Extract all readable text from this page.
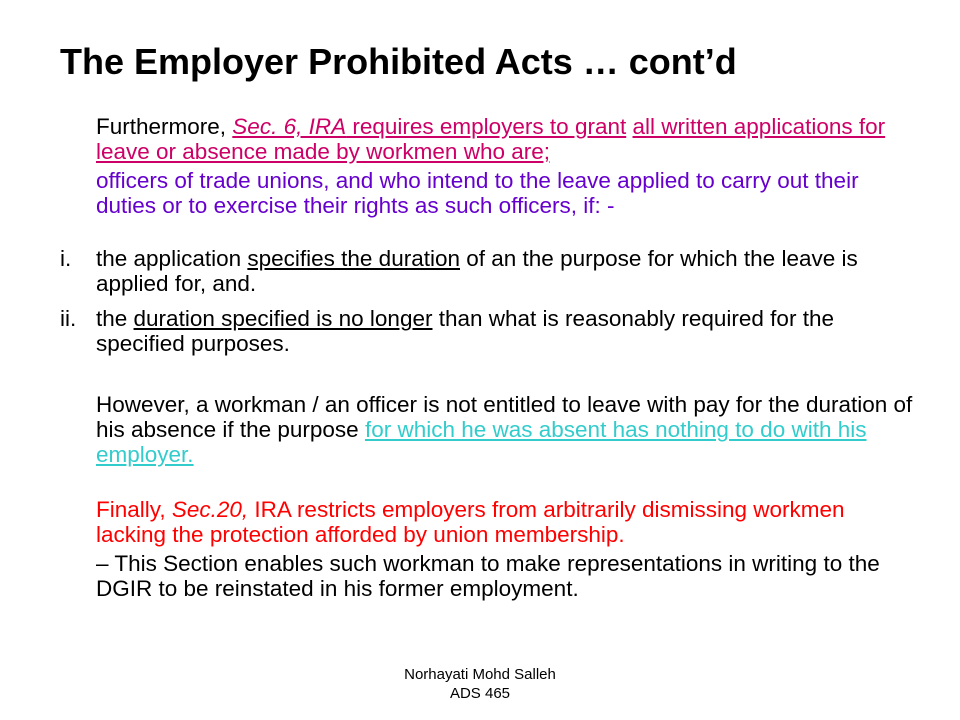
The Employer Prohibited Acts … cont’d

Furthermore, Sec. 6, IRA requires employers to grant all written applications for leave or absence made by workmen who are;

officers of trade unions, and who intend to the leave applied to carry out their duties or to exercise their rights as such officers, if: -

i. the application specifies the duration of an the purpose for which the leave is applied for, and.
ii. the duration specified is no longer than what is reasonably required for the specified purposes.

However, a workman / an officer is not entitled to leave with pay for the duration of his absence if the purpose for which he was absent has nothing to do with his employer.

Finally, Sec.20, IRA restricts employers from arbitrarily dismissing workmen lacking the protection afforded by union membership.

– This Section enables such workman to make representations in writing to the DGIR to be reinstated in his former employment.

Norhayati Mohd Salleh
ADS 465
